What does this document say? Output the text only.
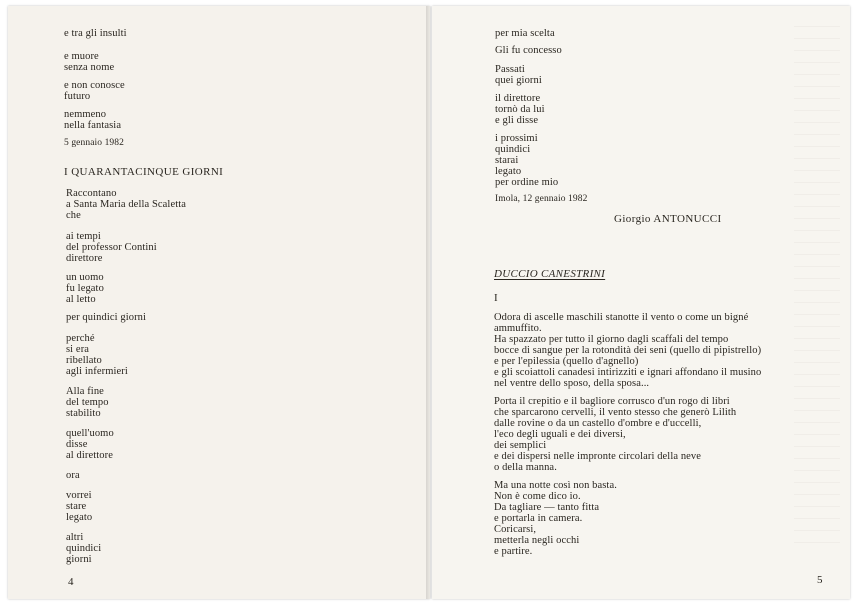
e tra gli insulti
e muore
senza nome
e non conosce
futuro
nemmeno
nella fantasia
5 gennaio 1982
I QUARANTACINQUE GIORNI
Raccontano
a Santa Maria della Scaletta
che
ai tempi
del professor Contini
direttore
un uomo
fu legato
al letto
per quindici giorni
perché
si era
ribellato
agli infermieri
Alla fine
del tempo
stabilito
quell'uomo
disse
al direttore
ora
vorrei
stare
legato
altri
quindici
giorni
4
per mia scelta
Gli fu concesso
Passati
quei giorni
il direttore
tornò da lui
e gli disse
i prossimi
quindici
starai
legato
per ordine mio
Imola, 12 gennaio 1982
Giorgio ANTONUCCI
DUCCIO CANESTRINI
I
Odora di ascelle maschili stanotte il vento o come un bigné
ammuffito.
Ha spazzato per tutto il giorno dagli scaffali del tempo
bocce di sangue per la rotondità dei seni (quello di pipistrello)
e per l'epilessia (quello d'agnello)
e gli scoiattoli canadesi intirizziti e ignari affondano il musino
nel ventre dello sposo, della sposa...
Porta il crepitio e il bagliore corrusco d'un rogo di libri
che sparcarono cervelli, il vento stesso che generò Lilith
dalle rovine o da un castello d'ombre e d'uccelli,
l'eco degli uguali e dei diversi,
dei semplici
e dei dispersi nelle impronte circolari della neve
o della manna.
Ma una notte così non basta.
Non è come dico io.
Da tagliare — tanto fitta
e portarla in camera.
Coricarsi,
metterla negli occhi
e partire.
5
